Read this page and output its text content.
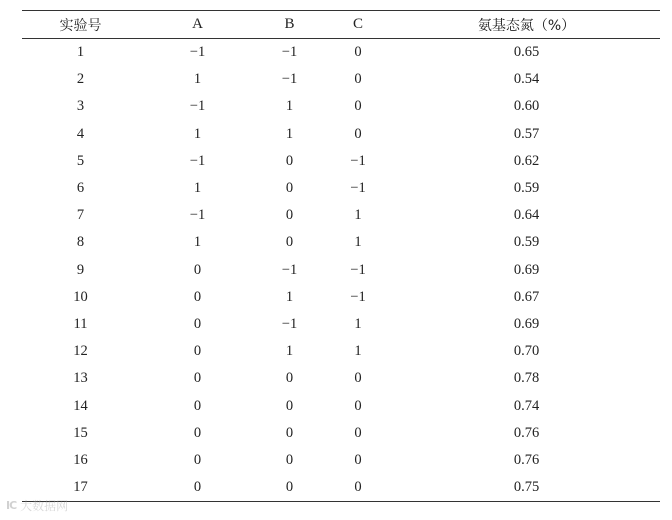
实验号	A	B	C	氨基态氮（%）
1	−1	−1	0	0.65
2	1	−1	0	0.54
3	−1	1	0	0.60
4	1	1	0	0.57
5	−1	0	−1	0.62
6	1	0	−1	0.59
7	−1	0	1	0.64
8	1	0	1	0.59
9	0	−1	−1	0.69
10	0	1	−1	0.67
11	0	−1	1	0.69
12	0	1	1	0.70
13	0	0	0	0.78
14	0	0	0	0.74
15	0	0	0	0.76
16	0	0	0	0.76
17	0	0	0	0.75
IC 大数据网
